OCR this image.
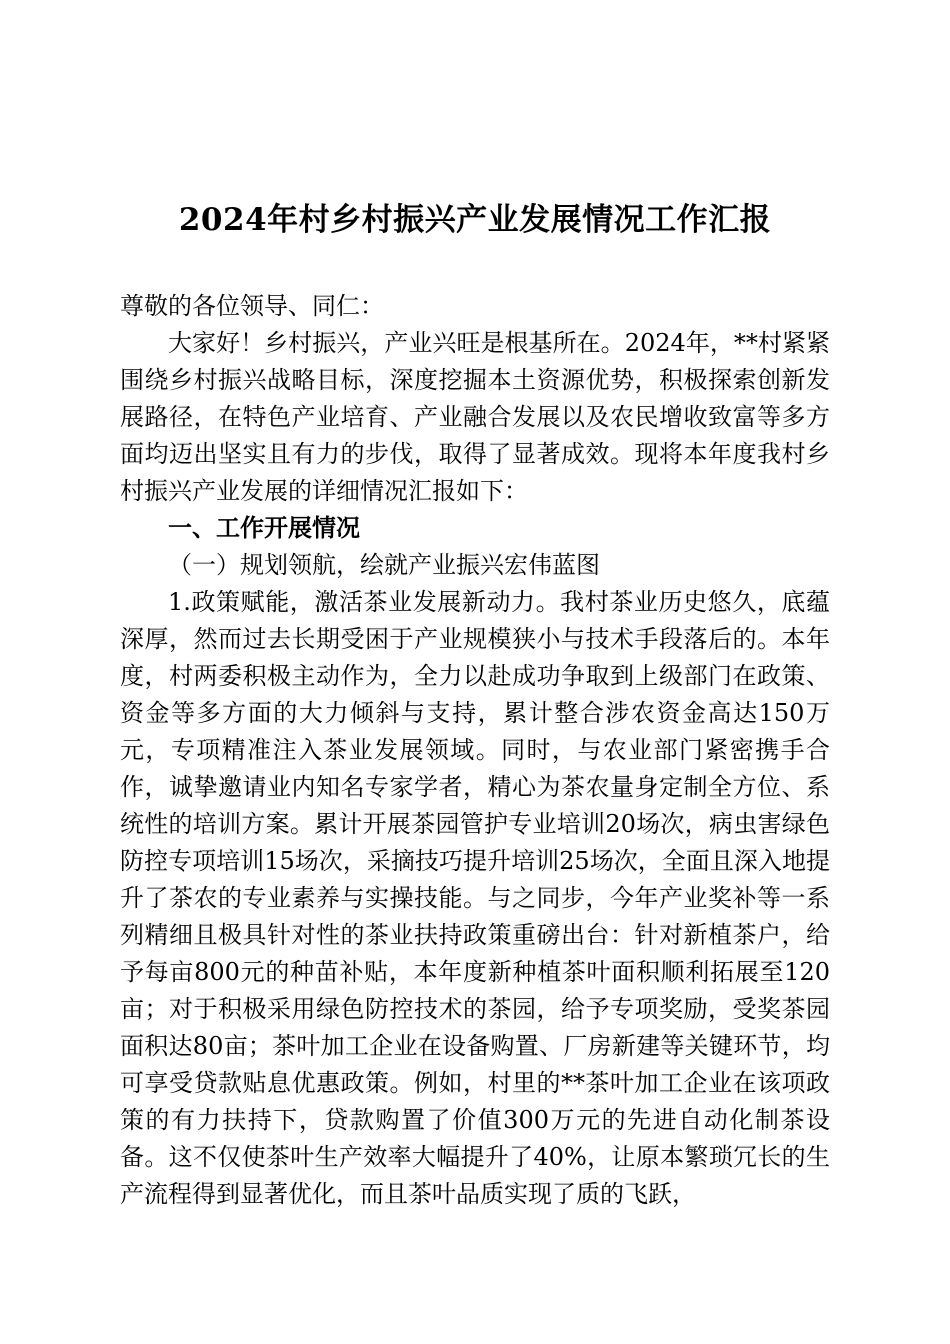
2024年村乡村振兴产业发展情况工作汇报

尊敬的各位领导、同仁：

大家好！乡村振兴，产业兴旺是根基所在。2024年，**村紧紧围绕乡村振兴战略目标，深度挖掘本土资源优势，积极探索创新发展路径，在特色产业培育、产业融合发展以及农民增收致富等多方面均迈出坚实且有力的步伐，取得了显著成效。现将本年度我村乡村振兴产业发展的详细情况汇报如下：

一、工作开展情况

（一）规划领航，绘就产业振兴宏伟蓝图

1.政策赋能，激活茶业发展新动力。我村茶业历史悠久，底蕴深厚，然而过去长期受困于产业规模狭小与技术手段落后的。本年度，村两委积极主动作为，全力以赴成功争取到上级部门在政策、资金等多方面的大力倾斜与支持，累计整合涉农资金高达150万元，专项精准注入茶业发展领域。同时，与农业部门紧密携手合作，诚挚邀请业内知名专家学者，精心为茶农量身定制全方位、系统性的培训方案。累计开展茶园管护专业培训20场次，病虫害绿色防控专项培训15场次，采摘技巧提升培训25场次，全面且深入地提升了茶农的专业素养与实操技能。与之同步，今年产业奖补等一系列精细且极具针对性的茶业扶持政策重磅出台：针对新植茶户，给予每亩800元的种苗补贴，本年度新种植茶叶面积顺利拓展至120亩；对于积极采用绿色防控技术的茶园，给予专项奖励，受奖茶园面积达80亩；茶叶加工企业在设备购置、厂房新建等关键环节，均可享受贷款贴息优惠政策。例如，村里的**茶叶加工企业在该项政策的有力扶持下，贷款购置了价值300万元的先进自动化制茶设备。这不仅使茶叶生产效率大幅提升了40%，让原本繁琐冗长的生产流程得到显著优化，而且茶叶品质实现了质的飞跃，
